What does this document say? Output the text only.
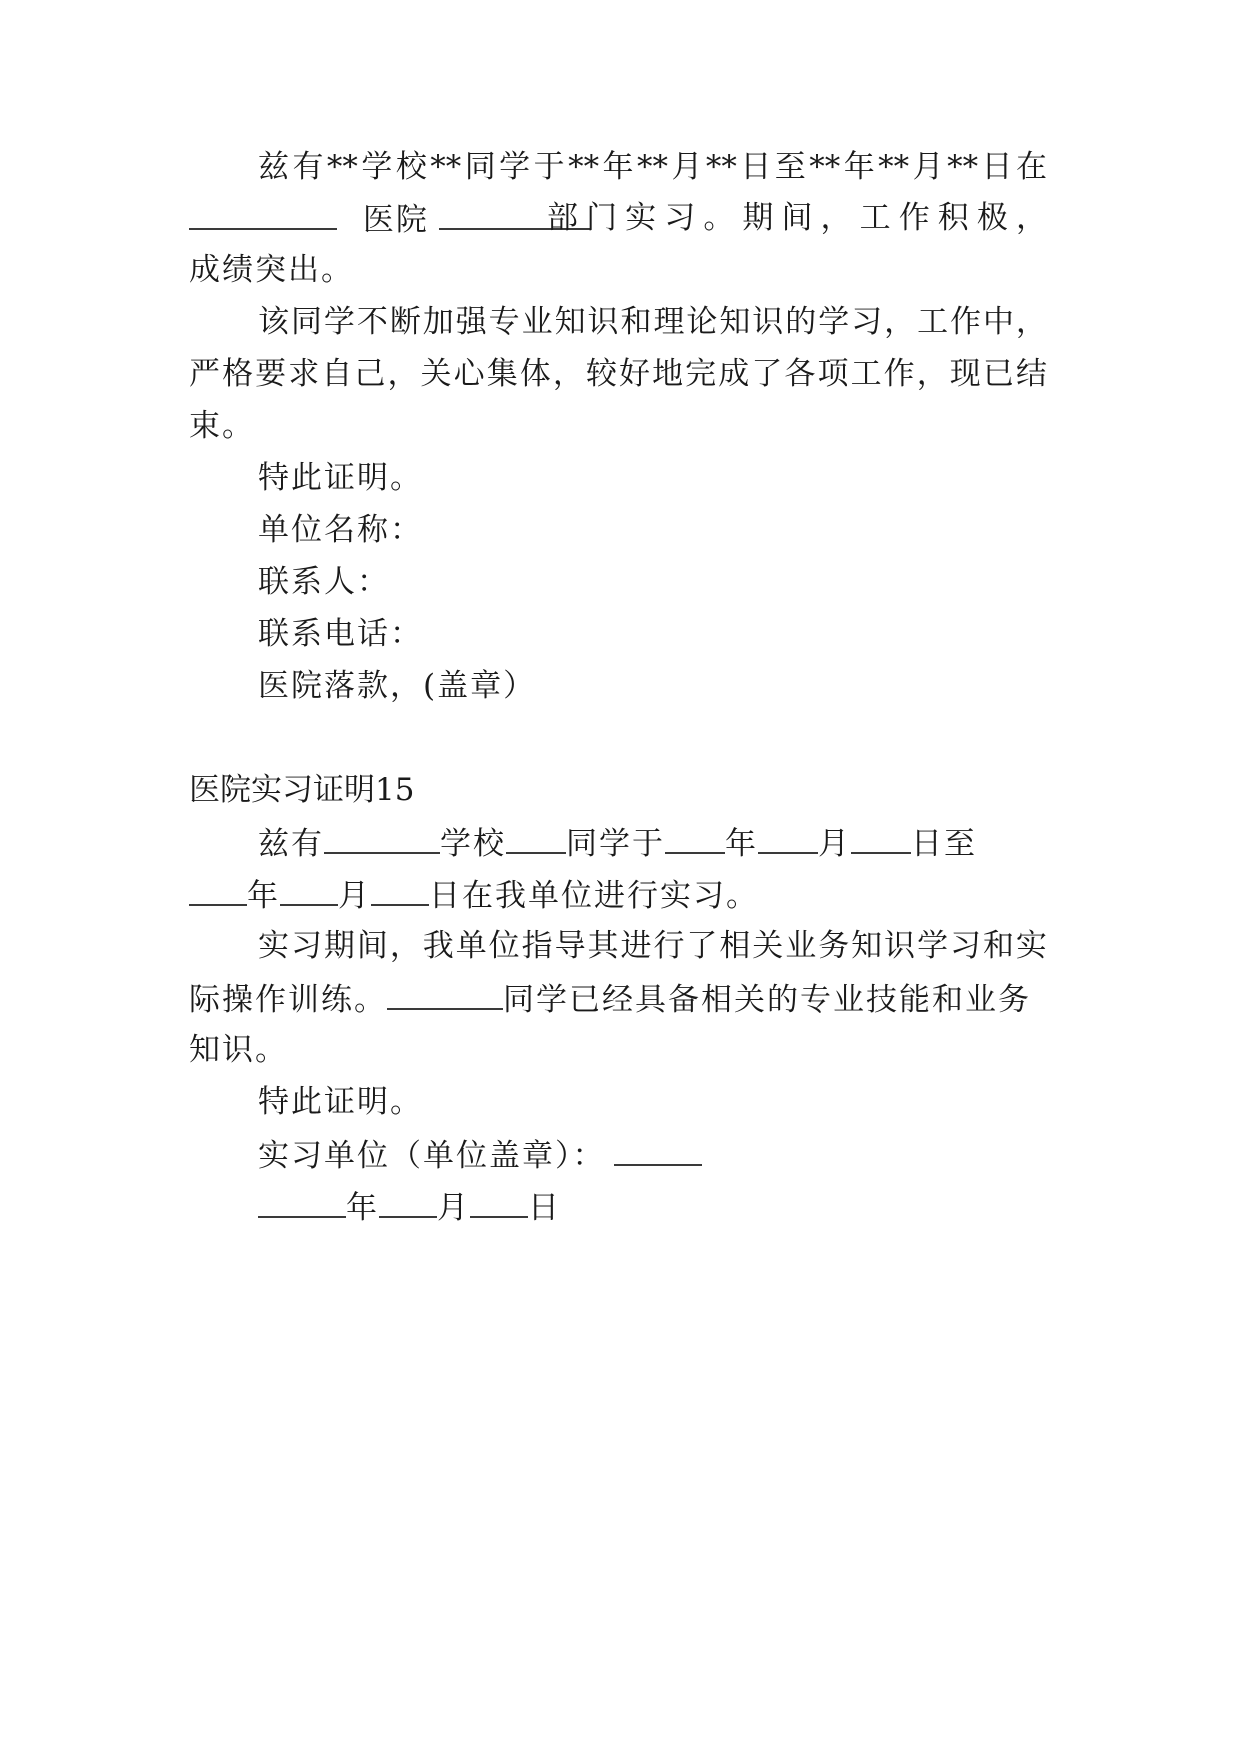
兹 有 ** 学 校 ** 同 学 于 ** 年 ** 月 ** 日 至 ** 年 ** 月 ** 日 在
医院	部 门 实 习 。 期 间 ， 工 作 积 极 ，
成绩突出。
该 同 学 不 断 加 强 专 业 知 识 和 理 论 知 识 的 学 习 ， 工 作 中 ，
严 格 要 求 自 己 ， 关 心 集 体 ， 较 好 地 完 成 了 各 项 工 作 ， 现 已 结
束。
特此证明。
单位名称：
联系人：
联系电话：
医院落款，(盖章）
医院实习证明15
兹有	学校 同学于 年 月 日至
年 月 日在我单位进行实习。
实 习 期 间 ， 我 单 位 指 导 其 进 行 了 相 关 业 务 知 识 学 习 和 实
际操作训练。	同学已经具备相关的专业技能和业务
知识。
特此证明。
实习单位（单位盖章）：
年 月 日
